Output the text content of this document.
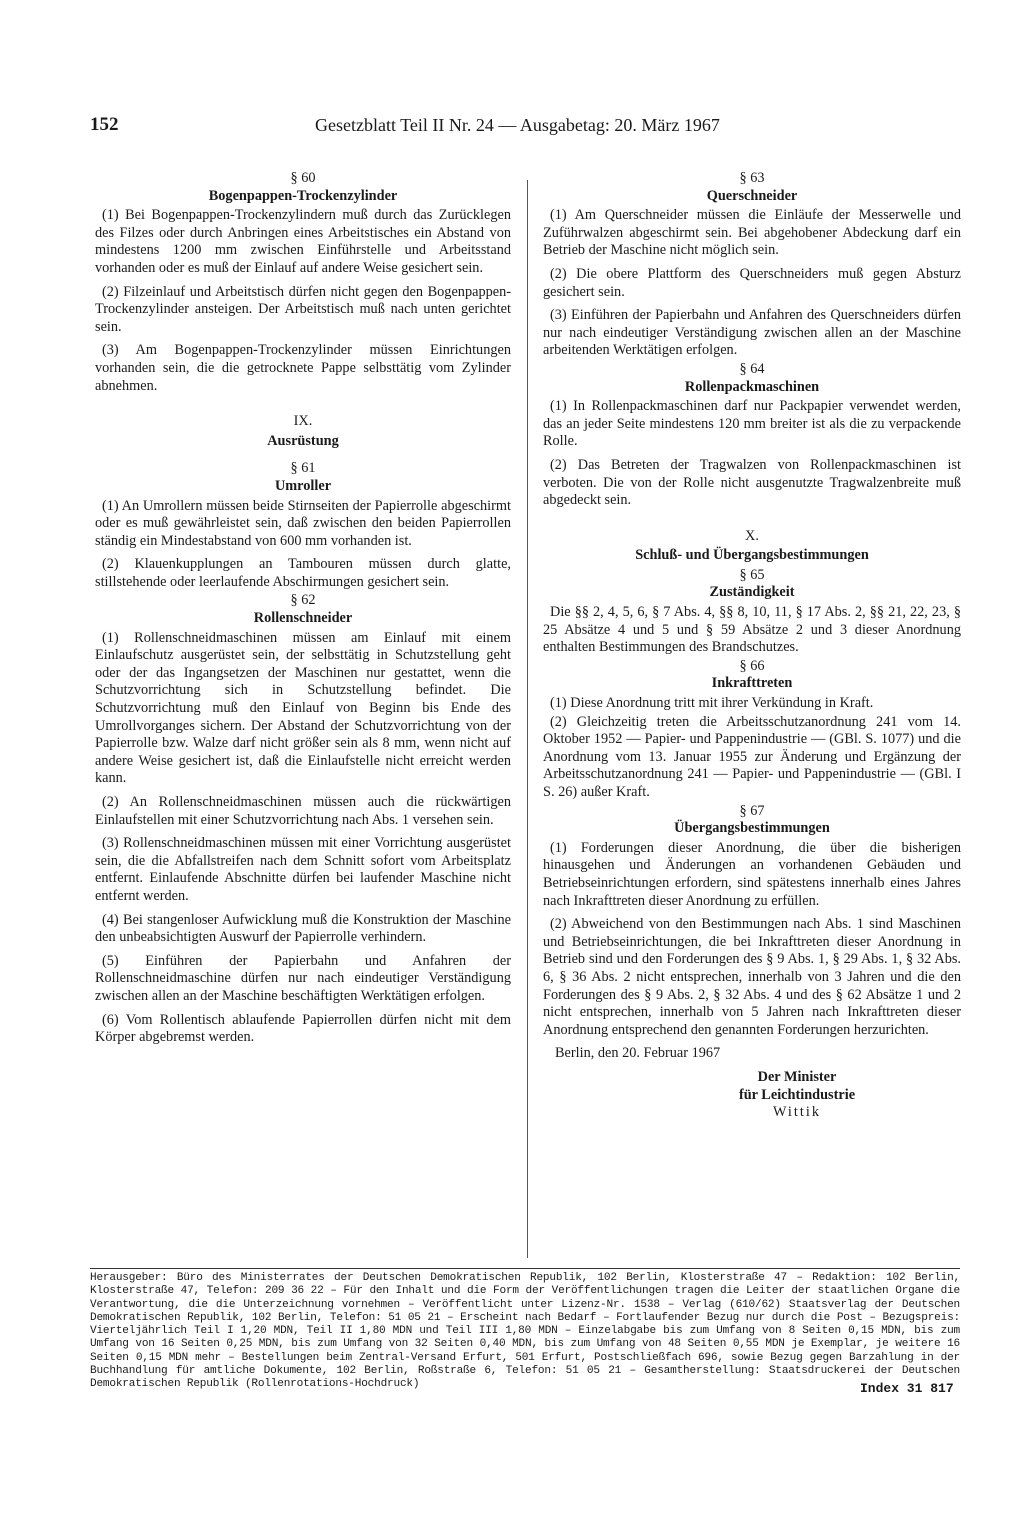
152	Gesetzblatt Teil II Nr. 24 — Ausgabetag: 20. März 1967

§ 60

Bogenpappen-Trockenzylinder

(1) Bei Bogenpappen-Trockenzylindern muß durch das Zurücklegen des Filzes oder durch Anbringen eines Arbeitstisches ein Abstand von mindestens 1200 mm zwischen Einführstelle und Arbeitsstand vorhanden oder es muß der Einlauf auf andere Weise gesichert sein.

(2) Filzeinlauf und Arbeitstisch dürfen nicht gegen den Bogenpappen-Trockenzylinder ansteigen. Der Arbeitstisch muß nach unten gerichtet sein.

(3) Am Bogenpappen-Trockenzylinder müssen Einrichtungen vorhanden sein, die die getrocknete Pappe selbsttätig vom Zylinder abnehmen.

IX.

Ausrüstung

§ 61

Umroller

(1) An Umrollern müssen beide Stirnseiten der Papierrolle abgeschirmt oder es muß gewährleistet sein, daß zwischen den beiden Papierrollen ständig ein Mindestabstand von 600 mm vorhanden ist.

(2) Klauenkupplungen an Tambouren müssen durch glatte, stillstehende oder leerlaufende Abschirmungen gesichert sein.

§ 62

Rollenschneider

(1) Rollenschneidmaschinen müssen am Einlauf mit einem Einlaufschutz ausgerüstet sein, der selbsttätig in Schutzstellung geht oder der das Ingangsetzen der Maschinen nur gestattet, wenn die Schutzvorrichtung sich in Schutzstellung befindet. Die Schutzvorrichtung muß den Einlauf von Beginn bis Ende des Umrollvorganges sichern. Der Abstand der Schutzvorrichtung von der Papierrolle bzw. Walze darf nicht größer sein als 8 mm, wenn nicht auf andere Weise gesichert ist, daß die Einlaufstelle nicht erreicht werden kann.

(2) An Rollenschneidmaschinen müssen auch die rückwärtigen Einlaufstellen mit einer Schutzvorrichtung nach Abs. 1 versehen sein.

(3) Rollenschneidmaschinen müssen mit einer Vorrichtung ausgerüstet sein, die die Abfallstreifen nach dem Schnitt sofort vom Arbeitsplatz entfernt. Einlaufende Abschnitte dürfen bei laufender Maschine nicht entfernt werden.

(4) Bei stangenloser Aufwicklung muß die Konstruktion der Maschine den unbeabsichtigten Auswurf der Papierrolle verhindern.

(5) Einführen der Papierbahn und Anfahren der Rollenschneidmaschine dürfen nur nach eindeutiger Verständigung zwischen allen an der Maschine beschäftigten Werktätigen erfolgen.

(6) Vom Rollentisch ablaufende Papierrollen dürfen nicht mit dem Körper abgebremst werden.

§ 63

Querschneider

(1) Am Querschneider müssen die Einläufe der Messerwelle und Zuführwalzen abgeschirmt sein. Bei abgehobener Abdeckung darf ein Betrieb der Maschine nicht möglich sein.

(2) Die obere Plattform des Querschneiders muß gegen Absturz gesichert sein.

(3) Einführen der Papierbahn und Anfahren des Querschneiders dürfen nur nach eindeutiger Verständigung zwischen allen an der Maschine arbeitenden Werktätigen erfolgen.

§ 64

Rollenpackmaschinen

(1) In Rollenpackmaschinen darf nur Packpapier verwendet werden, das an jeder Seite mindestens 120 mm breiter ist als die zu verpackende Rolle.

(2) Das Betreten der Tragwalzen von Rollenpackmaschinen ist verboten. Die von der Rolle nicht ausgenutzte Tragwalzenbreite muß abgedeckt sein.

X.

Schluß- und Übergangsbestimmungen

§ 65

Zuständigkeit

Die §§ 2, 4, 5, 6, § 7 Abs. 4, §§ 8, 10, 11, § 17 Abs. 2, §§ 21, 22, 23, § 25 Absätze 4 und 5 und § 59 Absätze 2 und 3 dieser Anordnung enthalten Bestimmungen des Brandschutzes.

§ 66

Inkrafttreten

(1) Diese Anordnung tritt mit ihrer Verkündung in Kraft.

(2) Gleichzeitig treten die Arbeitsschutzanordnung 241 vom 14. Oktober 1952 — Papier- und Pappenindustrie — (GBl. S. 1077) und die Anordnung vom 13. Januar 1955 zur Änderung und Ergänzung der Arbeitsschutzanordnung 241 — Papier- und Pappenindustrie — (GBl. I S. 26) außer Kraft.

§ 67

Übergangsbestimmungen

(1) Forderungen dieser Anordnung, die über die bisherigen hinausgehen und Änderungen an vorhandenen Gebäuden und Betriebseinrichtungen erfordern, sind spätestens innerhalb eines Jahres nach Inkrafttreten dieser Anordnung zu erfüllen.

(2) Abweichend von den Bestimmungen nach Abs. 1 sind Maschinen und Betriebseinrichtungen, die bei Inkrafttreten dieser Anordnung in Betrieb sind und den Forderungen des § 9 Abs. 1, § 29 Abs. 1, § 32 Abs. 6, § 36 Abs. 2 nicht entsprechen, innerhalb von 3 Jahren und die den Forderungen des § 9 Abs. 2, § 32 Abs. 4 und des § 62 Absätze 1 und 2 nicht entsprechen, innerhalb von 5 Jahren nach Inkrafttreten dieser Anordnung entsprechend den genannten Forderungen herzurichten.

Berlin, den 20. Februar 1967

Der Minister

für Leichtindustrie

Wittik

Herausgeber: Büro des Ministerrates der Deutschen Demokratischen Republik, 102 Berlin, Klosterstraße 47 – Redaktion: 102 Berlin, Klosterstraße 47, Telefon: 209 36 22 – Für den Inhalt und die Form der Veröffentlichungen tragen die Leiter der staatlichen Organe die Verantwortung, die die Unterzeichnung vornehmen – Veröffentlicht unter Lizenz-Nr. 1538 – Verlag (610/62) Staatsverlag der Deutschen Demokratischen Republik, 102 Berlin, Telefon: 51 05 21 – Erscheint nach Bedarf – Fortlaufender Bezug nur durch die Post – Bezugspreis: Vierteljährlich Teil I 1,20 MDN, Teil II 1,80 MDN und Teil III 1,80 MDN – Einzelabgabe bis zum Umfang von 8 Seiten 0,15 MDN, bis zum Umfang von 16 Seiten 0,25 MDN, bis zum Umfang von 32 Seiten 0,40 MDN, bis zum Umfang von 48 Seiten 0,55 MDN je Exemplar, je weitere 16 Seiten 0,15 MDN mehr – Bestellungen beim Zentral-Versand Erfurt, 501 Erfurt, Postschließfach 696, sowie Bezug gegen Barzahlung in der Buchhandlung für amtliche Dokumente, 102 Berlin, Roßstraße 6, Telefon: 51 05 21 – Gesamtherstellung: Staatsdruckerei der Deutschen Demokratischen Republik (Rollenrotations-Hochdruck)	Index 31 817
